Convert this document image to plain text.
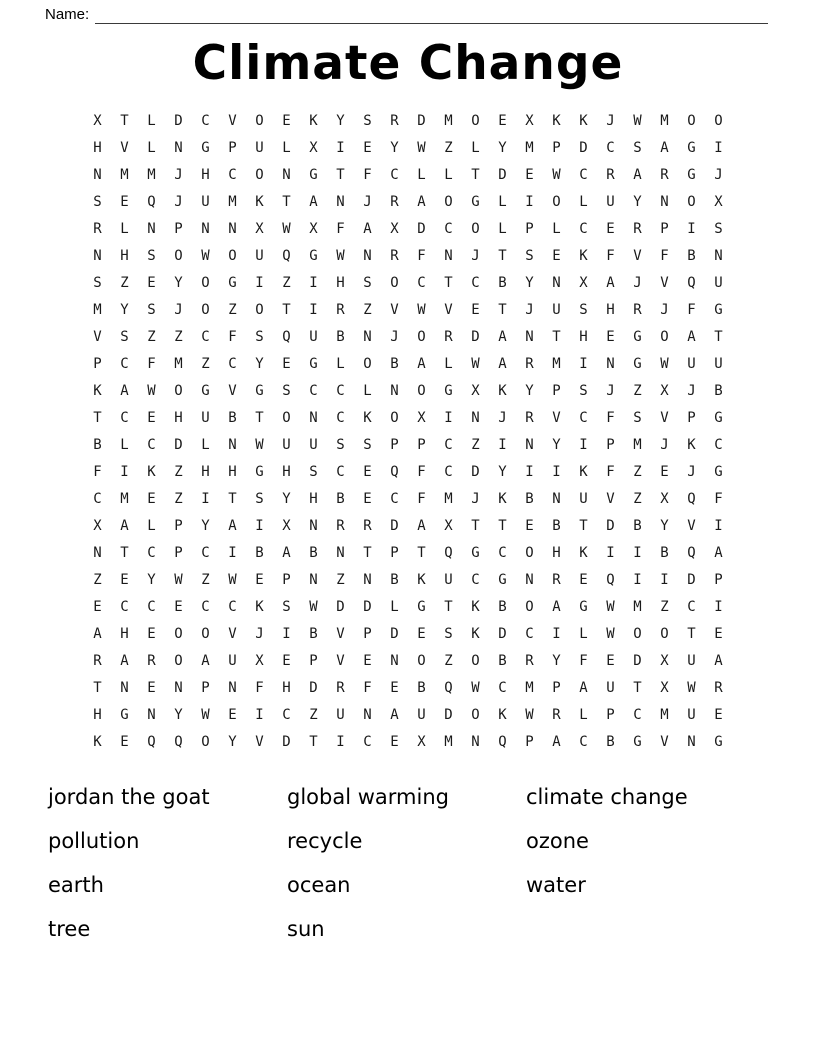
Name:
Climate Change
X	T	L	D	C	V	O	E	K	Y	S	R	D	M	O	E	X	K	K	J	W	M	O	O
H	V	L	N	G	P	U	L	X	I	E	Y	W	Z	L	Y	M	P	D	C	S	A	G	I
N	M	M	J	H	C	O	N	G	T	F	C	L	L	T	D	E	W	C	R	A	R	G	J
S	E	Q	J	U	M	K	T	A	N	J	R	A	O	G	L	I	O	L	U	Y	N	O	X
R	L	N	P	N	N	X	W	X	F	A	X	D	C	O	L	P	L	C	E	R	P	I	S
N	H	S	O	W	O	U	Q	G	W	N	R	F	N	J	T	S	E	K	F	V	F	B	N
S	Z	E	Y	O	G	I	Z	I	H	S	O	C	T	C	B	Y	N	X	A	J	V	Q	U
M	Y	S	J	O	Z	O	T	I	R	Z	V	W	V	E	T	J	U	S	H	R	J	F	G
V	S	Z	Z	C	F	S	Q	U	B	N	J	O	R	D	A	N	T	H	E	G	O	A	T
P	C	F	M	Z	C	Y	E	G	L	O	B	A	L	W	A	R	M	I	N	G	W	U	U
K	A	W	O	G	V	G	S	C	C	L	N	O	G	X	K	Y	P	S	J	Z	X	J	B
T	C	E	H	U	B	T	O	N	C	K	O	X	I	N	J	R	V	C	F	S	V	P	G
B	L	C	D	L	N	W	U	U	S	S	P	P	C	Z	I	N	Y	I	P	M	J	K	C
F	I	K	Z	H	H	G	H	S	C	E	Q	F	C	D	Y	I	I	K	F	Z	E	J	G
C	M	E	Z	I	T	S	Y	H	B	E	C	F	M	J	K	B	N	U	V	Z	X	Q	F
X	A	L	P	Y	A	I	X	N	R	R	D	A	X	T	T	E	B	T	D	B	Y	V	I
N	T	C	P	C	I	B	A	B	N	T	P	T	Q	G	C	O	H	K	I	I	B	Q	A
Z	E	Y	W	Z	W	E	P	N	Z	N	B	K	U	C	G	N	R	E	Q	I	I	D	P
E	C	C	E	C	C	K	S	W	D	D	L	G	T	K	B	O	A	G	W	M	Z	C	I
A	H	E	O	O	V	J	I	B	V	P	D	E	S	K	D	C	I	L	W	O	O	T	E
R	A	R	O	A	U	X	E	P	V	E	N	O	Z	O	B	R	Y	F	E	D	X	U	A
T	N	E	N	P	N	F	H	D	R	F	E	B	Q	W	C	M	P	A	U	T	X	W	R
H	G	N	Y	W	E	I	C	Z	U	N	A	U	D	O	K	W	R	L	P	C	M	U	E
K	E	Q	Q	O	Y	V	D	T	I	C	E	X	M	N	Q	P	A	C	B	G	V	N	G
jordan the goat
pollution
earth
tree
global warming
recycle
ocean
sun
climate change
ozone
water
